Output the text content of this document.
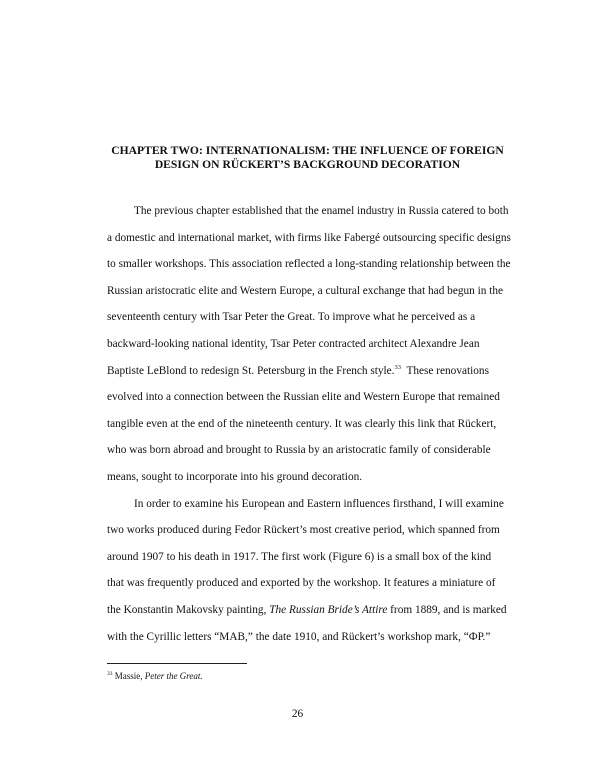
CHAPTER TWO: INTERNATIONALISM: THE INFLUENCE OF FOREIGN
DESIGN ON RÜCKERT’S BACKGROUND DECORATION
The previous chapter established that the enamel industry in Russia catered to both
a domestic and international market, with firms like Fabergé outsourcing specific designs
to smaller workshops. This association reflected a long-standing relationship between the
Russian aristocratic elite and Western Europe, a cultural exchange that had begun in the
seventeenth century with Tsar Peter the Great. To improve what he perceived as a
backward-looking national identity, Tsar Peter contracted architect Alexandre Jean
Baptiste LeBlond to redesign St. Petersburg in the French style.$^{33}$  These renovations
evolved into a connection between the Russian elite and Western Europe that remained
tangible even at the end of the nineteenth century. It was clearly this link that Rückert,
who was born abroad and brought to Russia by an aristocratic family of considerable
means, sought to incorporate into his ground decoration.
In order to examine his European and Eastern influences firsthand, I will examine
two works produced during Fedor Rückert’s most creative period, which spanned from
around 1907 to his death in 1917. The first work (Figure 6) is a small box of the kind
that was frequently produced and exported by the workshop. It features a miniature of
the Konstantin Makovsky painting, The Russian Bride’s Attire from 1889, and is marked
with the Cyrillic letters “MAB,” the date 1910, and Rückert’s workshop mark, “ФР.”
$^{33}$ Massie, Peter the Great.
26
